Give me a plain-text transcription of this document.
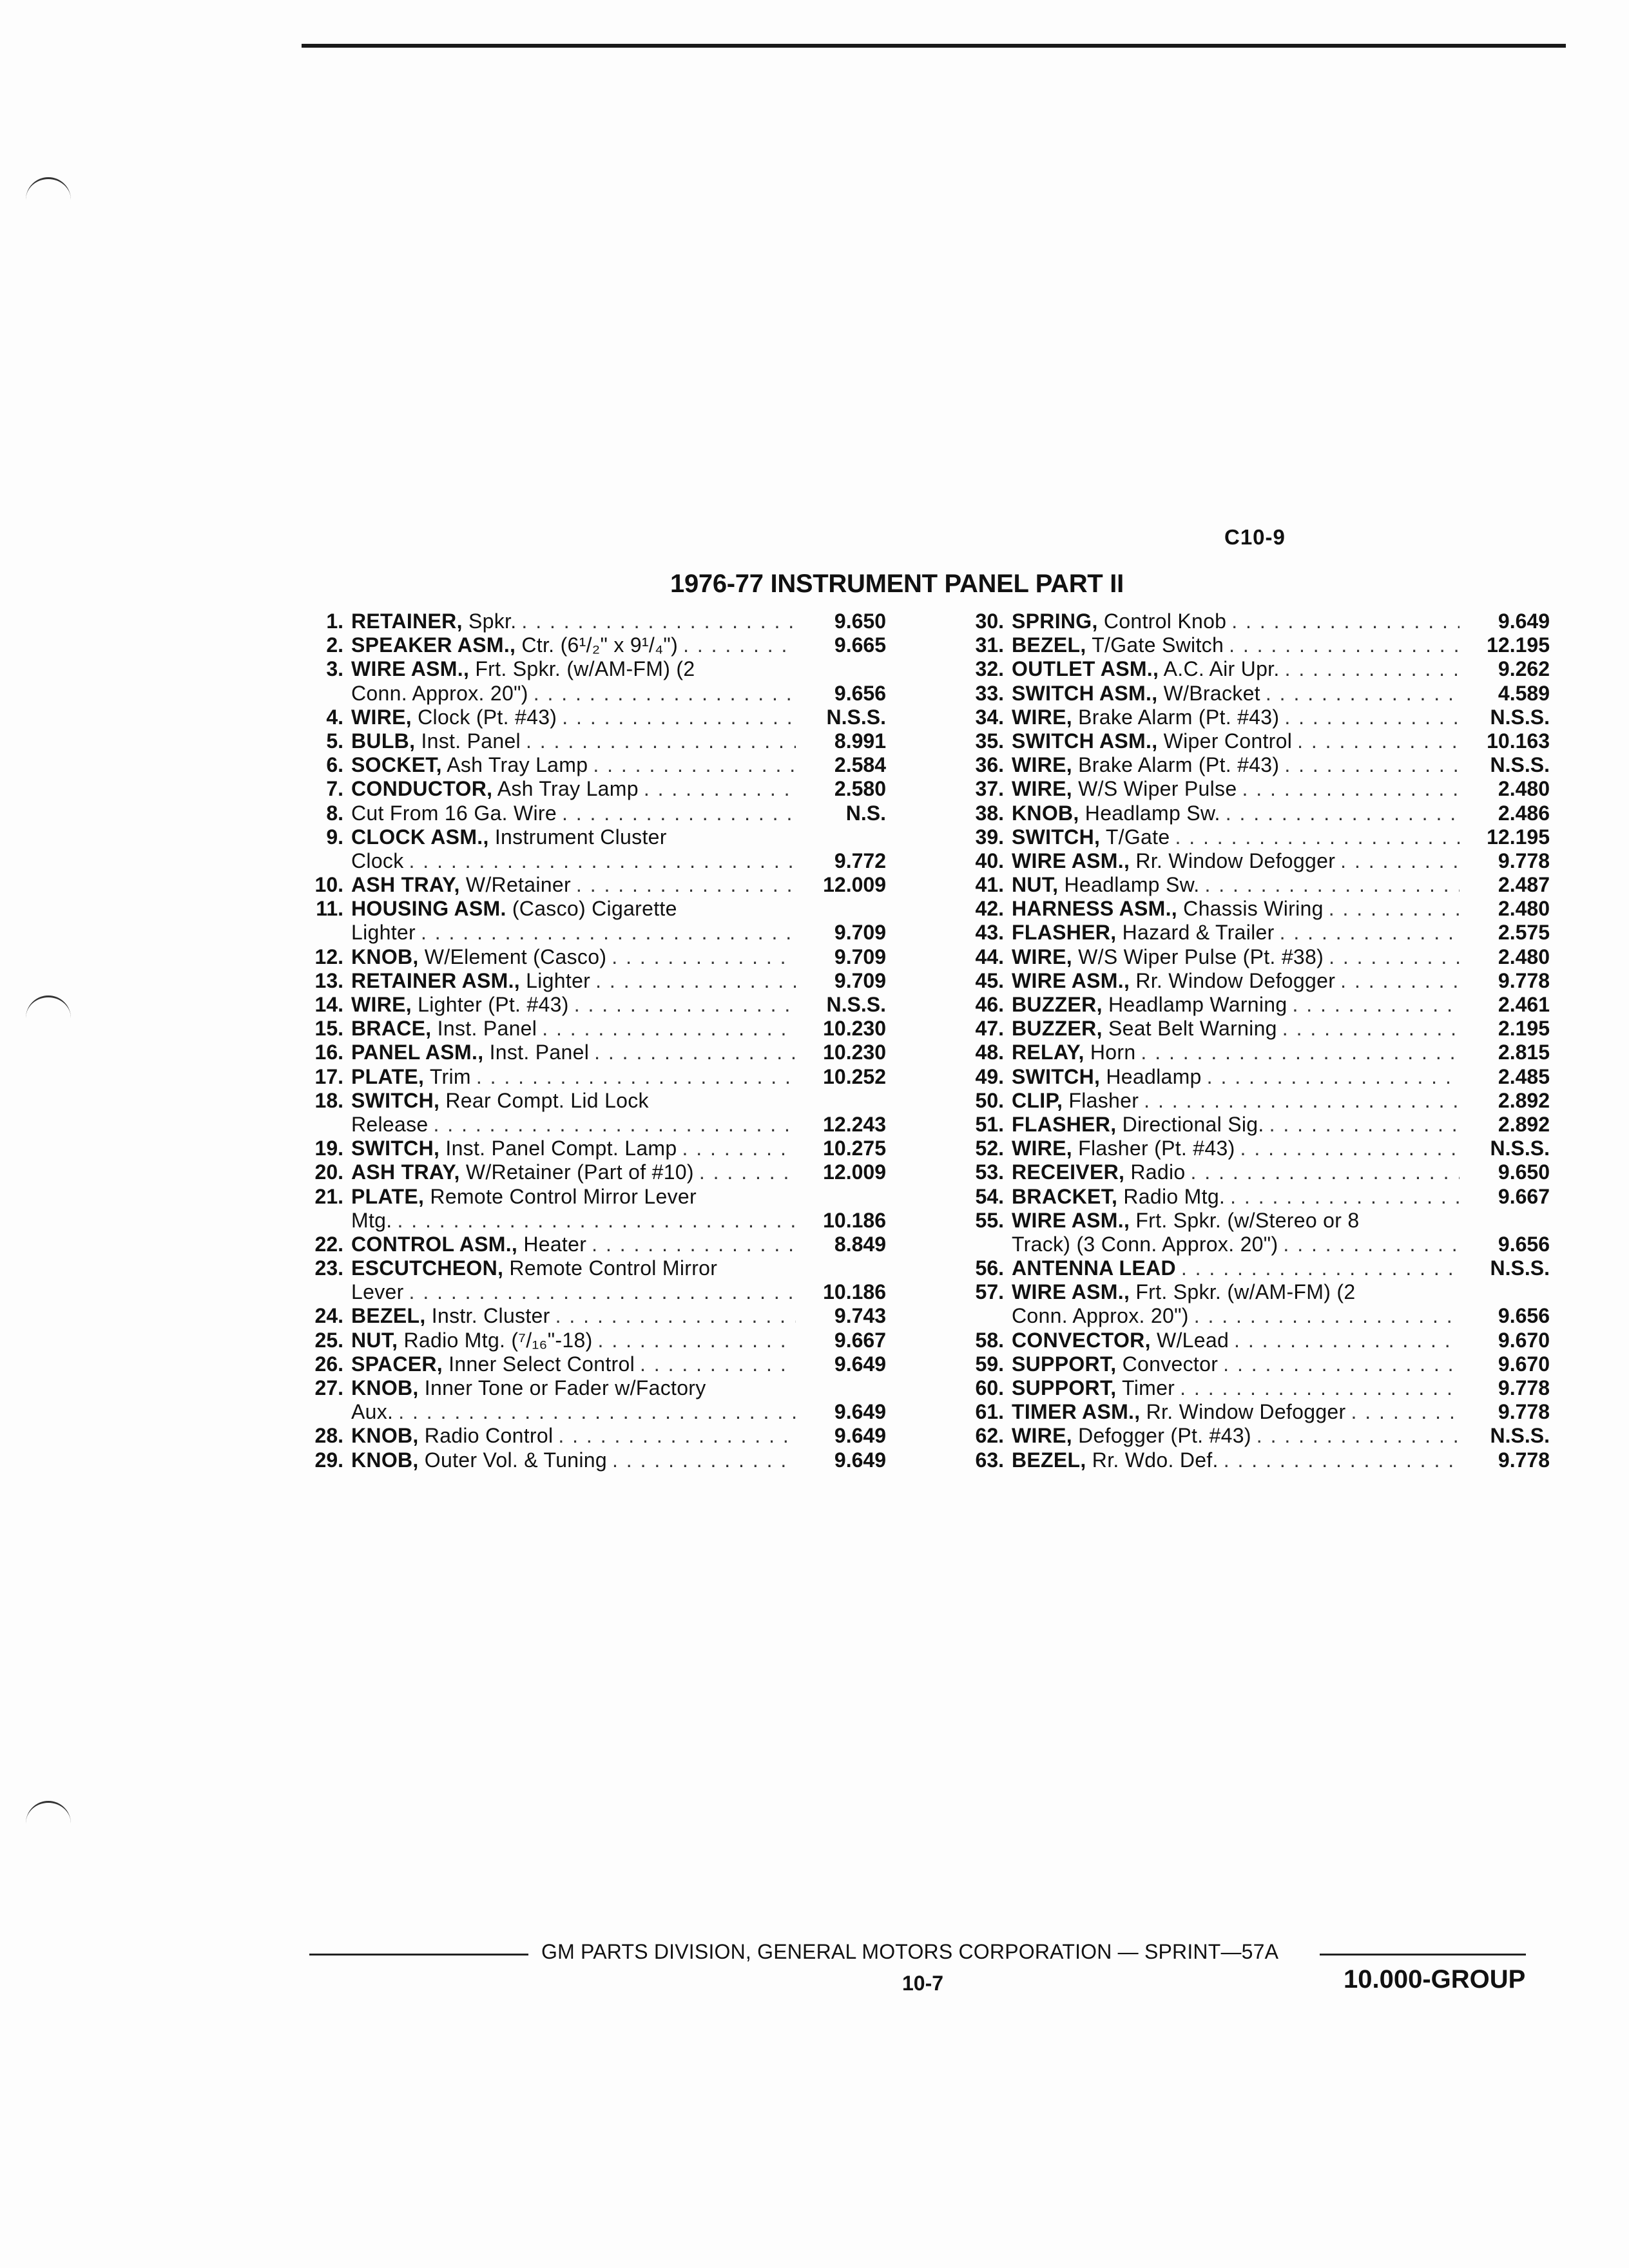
C10-9
1976-77 INSTRUMENT PANEL PART II
1. RETAINER, Spkr. . . .	9.650
2. SPEAKER ASM., Ctr. (6¹/₂" x 9¹/₄") . . .	9.665
3. WIRE ASM., Frt. Spkr. (w/AM-FM) (2
Conn. Approx. 20") . . .	9.656
4. WIRE, Clock (Pt. #43) . . .	N.S.S.
5. BULB, Inst. Panel . . .	8.991
6. SOCKET, Ash Tray Lamp . . .	2.584
7. CONDUCTOR, Ash Tray Lamp . . .	2.580
8. Cut From 16 Ga. Wire . . .	N.S.
9. CLOCK ASM., Instrument Cluster
Clock . . .	9.772
10. ASH TRAY, W/Retainer . . .	12.009
11. HOUSING ASM. (Casco) Cigarette
Lighter . . .	9.709
12. KNOB, W/Element (Casco) . . .	9.709
13. RETAINER ASM., Lighter . . .	9.709
14. WIRE, Lighter (Pt. #43) . . .	N.S.S.
15. BRACE, Inst. Panel . . .	10.230
16. PANEL ASM., Inst. Panel . . .	10.230
17. PLATE, Trim . . .	10.252
18. SWITCH, Rear Compt. Lid Lock
Release . . .	12.243
19. SWITCH, Inst. Panel Compt. Lamp . . .	10.275
20. ASH TRAY, W/Retainer (Part of #10) . . .	12.009
21. PLATE, Remote Control Mirror Lever
Mtg. . . .	10.186
22. CONTROL ASM., Heater . . .	8.849
23. ESCUTCHEON, Remote Control Mirror
Lever . . .	10.186
24. BEZEL, Instr. Cluster . . .	9.743
25. NUT, Radio Mtg. (⁷/₁₆"-18) . . .	9.667
26. SPACER, Inner Select Control . . .	9.649
27. KNOB, Inner Tone or Fader w/Factory
Aux. . . .	9.649
28. KNOB, Radio Control . . .	9.649
29. KNOB, Outer Vol. & Tuning . . .	9.649
30. SPRING, Control Knob . . .	9.649
31. BEZEL, T/Gate Switch . . .	12.195
32. OUTLET ASM., A.C. Air Upr. . . .	9.262
33. SWITCH ASM., W/Bracket . . .	4.589
34. WIRE, Brake Alarm (Pt. #43) . . .	N.S.S.
35. SWITCH ASM., Wiper Control . . .	10.163
36. WIRE, Brake Alarm (Pt. #43) . . .	N.S.S.
37. WIRE, W/S Wiper Pulse . . .	2.480
38. KNOB, Headlamp Sw. . . .	2.486
39. SWITCH, T/Gate . . .	12.195
40. WIRE ASM., Rr. Window Defogger . . .	9.778
41. NUT, Headlamp Sw. . . .	2.487
42. HARNESS ASM., Chassis Wiring . . .	2.480
43. FLASHER, Hazard & Trailer . . .	2.575
44. WIRE, W/S Wiper Pulse (Pt. #38) . . .	2.480
45. WIRE ASM., Rr. Window Defogger . . .	9.778
46. BUZZER, Headlamp Warning . . .	2.461
47. BUZZER, Seat Belt Warning . . .	2.195
48. RELAY, Horn . . .	2.815
49. SWITCH, Headlamp . . .	2.485
50. CLIP, Flasher . . .	2.892
51. FLASHER, Directional Sig. . . .	2.892
52. WIRE, Flasher (Pt. #43) . . .	N.S.S.
53. RECEIVER, Radio . . .	9.650
54. BRACKET, Radio Mtg. . . .	9.667
55. WIRE ASM., Frt. Spkr. (w/Stereo or 8
Track) (3 Conn. Approx. 20") . . .	9.656
56. ANTENNA LEAD . . .	N.S.S.
57. WIRE ASM., Frt. Spkr. (w/AM-FM) (2
Conn. Approx. 20") . . .	9.656
58. CONVECTOR, W/Lead . . .	9.670
59. SUPPORT, Convector . . .	9.670
60. SUPPORT, Timer . . .	9.778
61. TIMER ASM., Rr. Window Defogger . . .	9.778
62. WIRE, Defogger (Pt. #43) . . .	N.S.S.
63. BEZEL, Rr. Wdo. Def. . . .	9.778
GM PARTS DIVISION, GENERAL MOTORS CORPORATION — SPRINT—57A
10-7	10.000-GROUP
